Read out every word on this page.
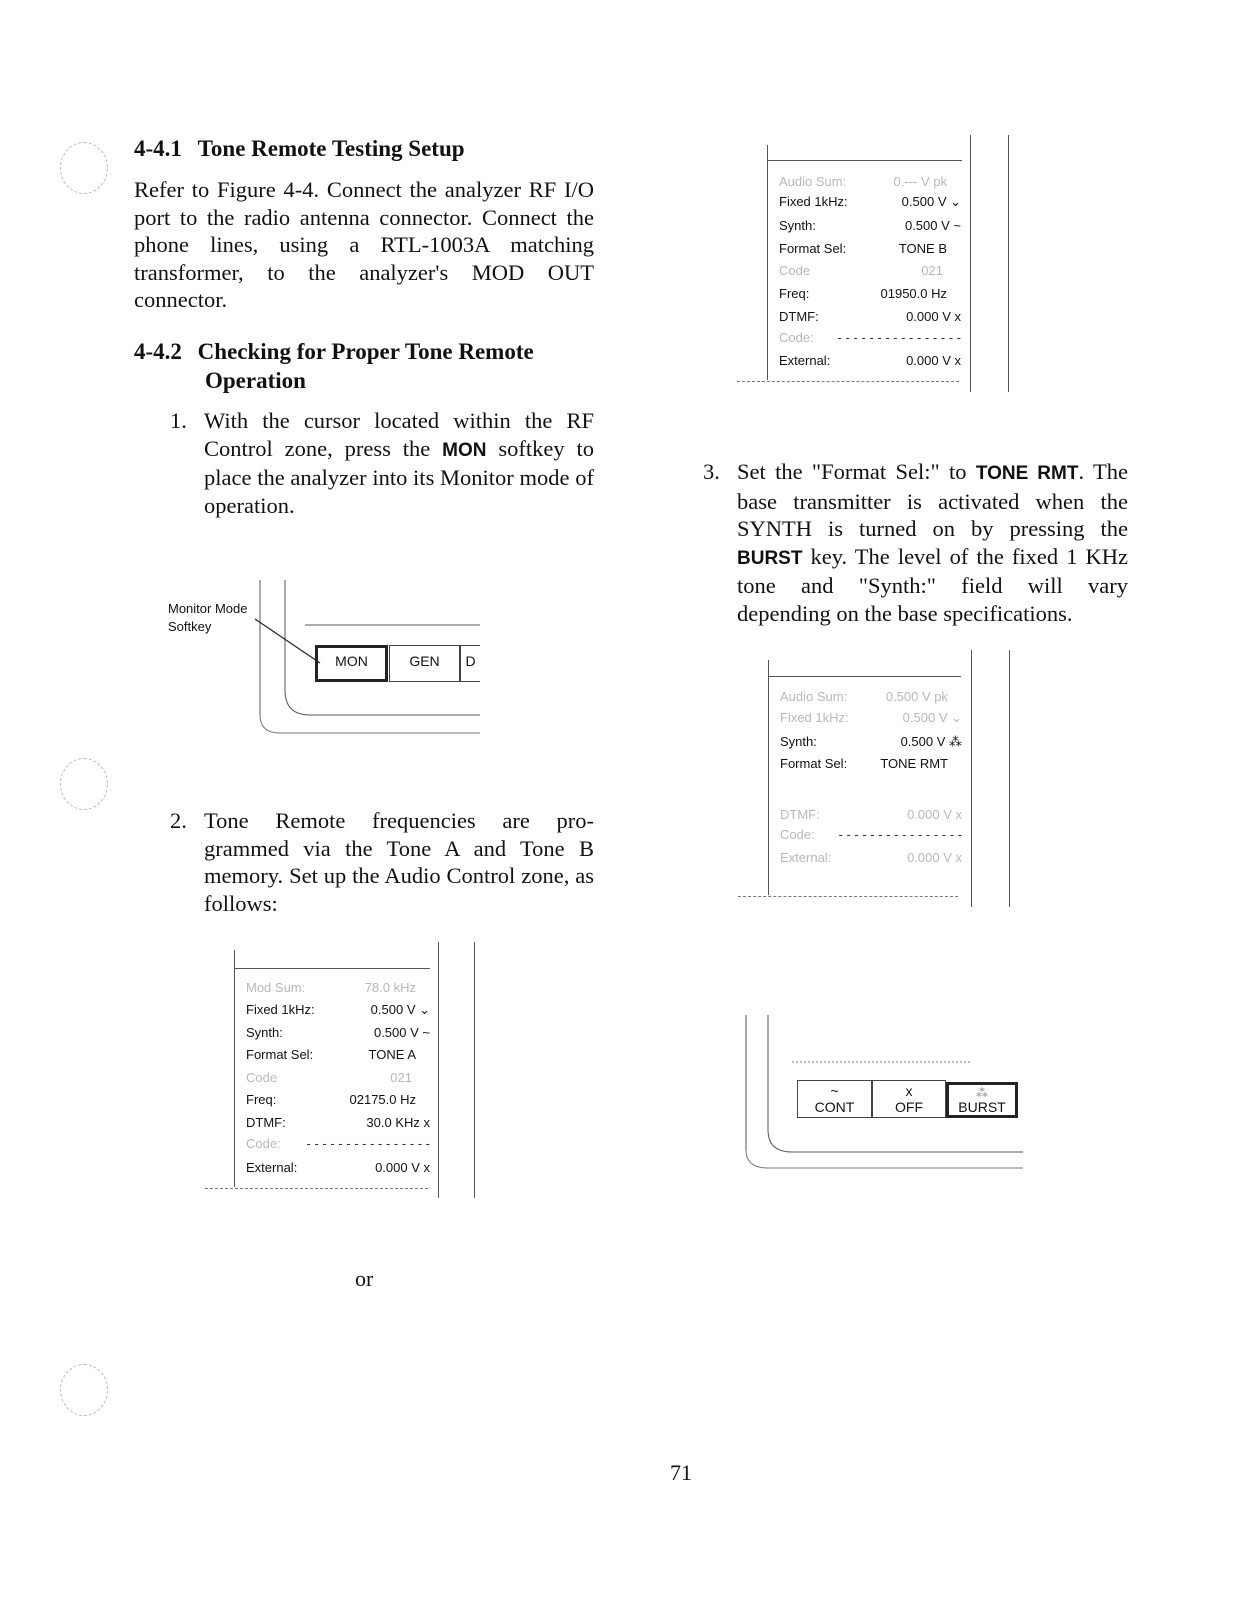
4-4.1 Tone Remote Testing Setup
Refer to Figure 4-4. Connect the analyzer RF I/O port to the radio antenna connector. Connect the phone lines, using a RTL-1003A matching transformer, to the analyzer's MOD OUT connector.
4-4.2 Checking for Proper Tone Remote
Operation
1. With the cursor located within the RF Control zone, press the MON softkey to place the analyzer into its Monitor mode of operation.
Monitor Mode
Softkey
MON	GEN	D
2. Tone Remote frequencies are pro-grammed via the Tone A and Tone B memory. Set up the Audio Control zone, as follows:
Mod Sum:	78.0 kHz
Fixed 1kHz:	0.500 V ⌄
Synth:	0.500 V ~
Format Sel:	TONE A
Code	021
Freq:	02175.0 Hz
DTMF:	30.0 KHz x
Code: - - - - - - - - - - - - - - - -
External:	0.000 V x
or
Audio Sum:	0.--- V pk
Fixed 1kHz:	0.500 V ⌄
Synth:	0.500 V ~
Format Sel:	TONE B
Code	021
Freq:	01950.0 Hz
DTMF:	0.000 V x
Code: - - - - - - - - - - - - - - - -
External:	0.000 V x
3. Set the "Format Sel:" to TONE RMT. The base transmitter is activated when the SYNTH is turned on by pressing the BURST key. The level of the fixed 1 KHz tone and "Synth:" field will vary depending on the base specifications.
Audio Sum:	0.500 V pk
Fixed 1kHz:	0.500 V ⌄
Synth:	0.500 V ⁂
Format Sel:	TONE RMT
DTMF:	0.000 V x
Code: - - - - - - - - - - - - - - - -
External:	0.000 V x
~
CONT
x
OFF
⁂
BURST
71
